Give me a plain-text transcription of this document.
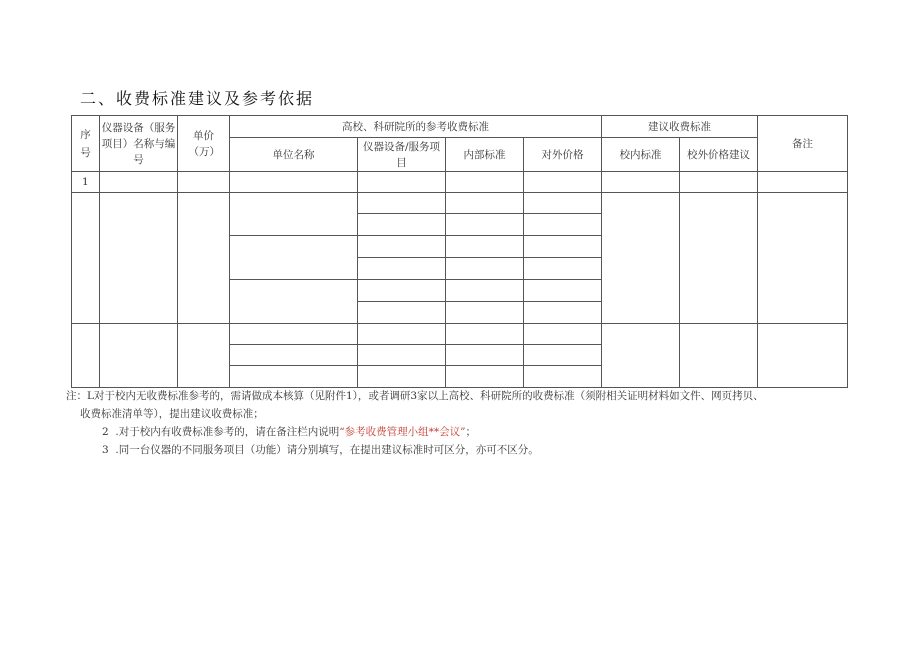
二、收费标准建议及参考依据
序号	仪器设备（服务项目）名称与编号	单价（万）	高校、科研院所的参考收费标准				建议收费标准		备注
			单位名称	仪器设备/服务项目	内部标准	对外价格	校内标准	校外价格建议	
1									

注：L对于校内无收费标准参考的，需请做成本核算（见附件1），或者调研3家以上高校、科研院所的收费标准（须附相关证明材料如文件、网页拷贝、
收费标准清单等），提出建议收费标准；
2  .对于校内有收费标准参考的，请在备注栏内说明“参考收费管理小组**会议”；
3  .同一台仪器的不同服务项目（功能）请分别填写，在提出建议标准时可区分，亦可不区分。
